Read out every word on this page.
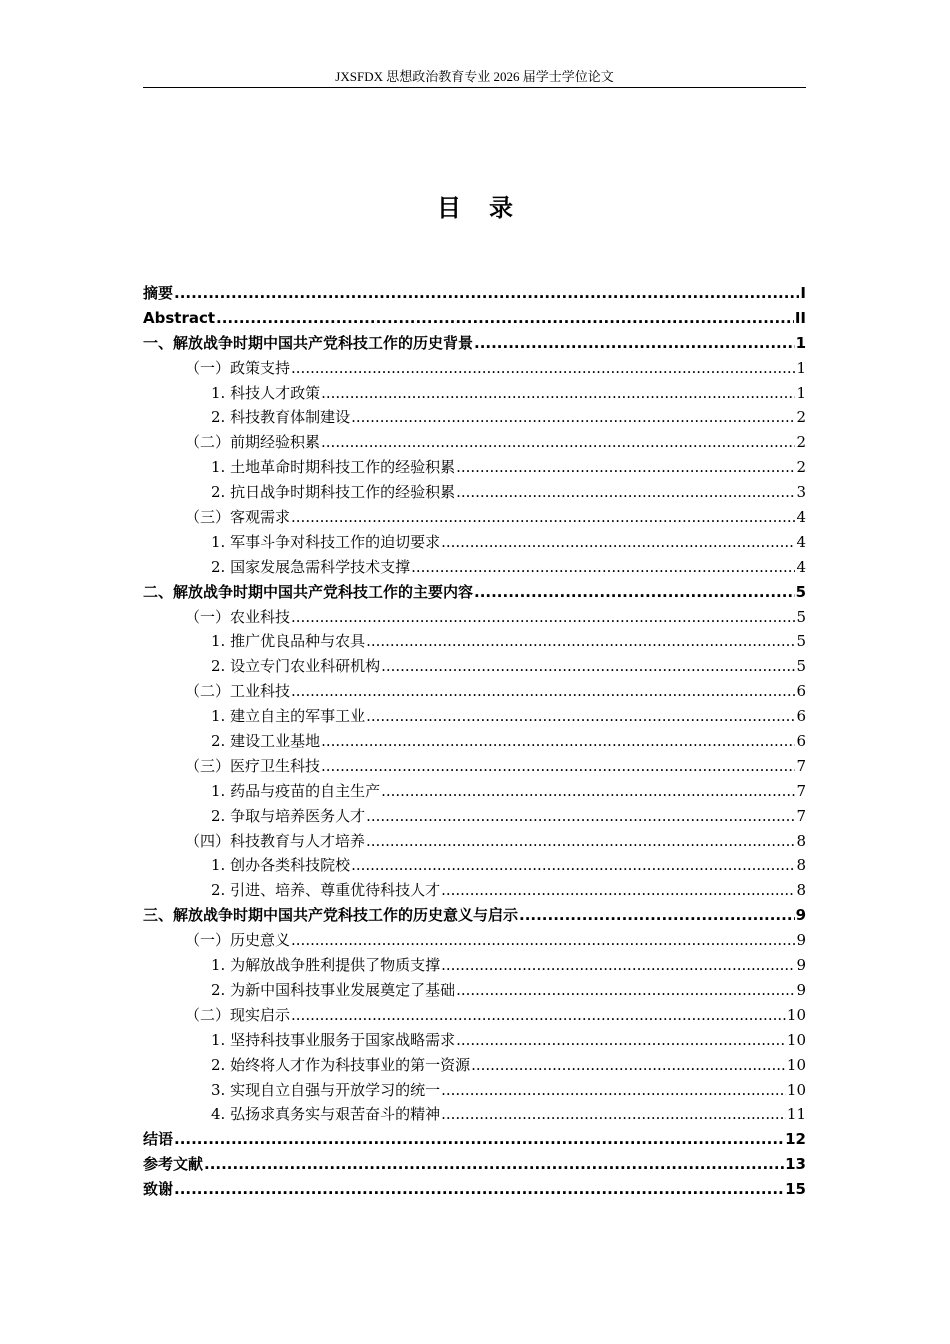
JXSFDX 思想政治教育专业 2026 届学士学位论文
目录
摘要 .....	I
Abstract .....	II
一、解放战争时期中国共产党科技工作的历史背景 .....	1
（一）政策支持 .....	1
1. 科技人才政策 .....	1
2. 科技教育体制建设 .....	2
（二）前期经验积累 .....	2
1. 土地革命时期科技工作的经验积累 .....	2
2. 抗日战争时期科技工作的经验积累 .....	3
（三）客观需求 .....	4
1. 军事斗争对科技工作的迫切要求 .....	4
2. 国家发展急需科学技术支撑 .....	4
二、解放战争时期中国共产党科技工作的主要内容 .....	5
（一）农业科技 .....	5
1. 推广优良品种与农具 .....	5
2. 设立专门农业科研机构 .....	5
（二）工业科技 .....	6
1. 建立自主的军事工业 .....	6
2. 建设工业基地 .....	6
（三）医疗卫生科技 .....	7
1. 药品与疫苗的自主生产 .....	7
2. 争取与培养医务人才 .....	7
（四）科技教育与人才培养 .....	8
1. 创办各类科技院校 .....	8
2. 引进、培养、尊重优待科技人才 .....	8
三、解放战争时期中国共产党科技工作的历史意义与启示 .....	9
（一）历史意义 .....	9
1. 为解放战争胜利提供了物质支撑 .....	9
2. 为新中国科技事业发展奠定了基础 .....	9
（二）现实启示 .....	10
1. 坚持科技事业服务于国家战略需求 .....	10
2. 始终将人才作为科技事业的第一资源 .....	10
3. 实现自立自强与开放学习的统一 .....	10
4. 弘扬求真务实与艰苦奋斗的精神 .....	11
结语 .....	12
参考文献 .....	13
致谢 .....	15
